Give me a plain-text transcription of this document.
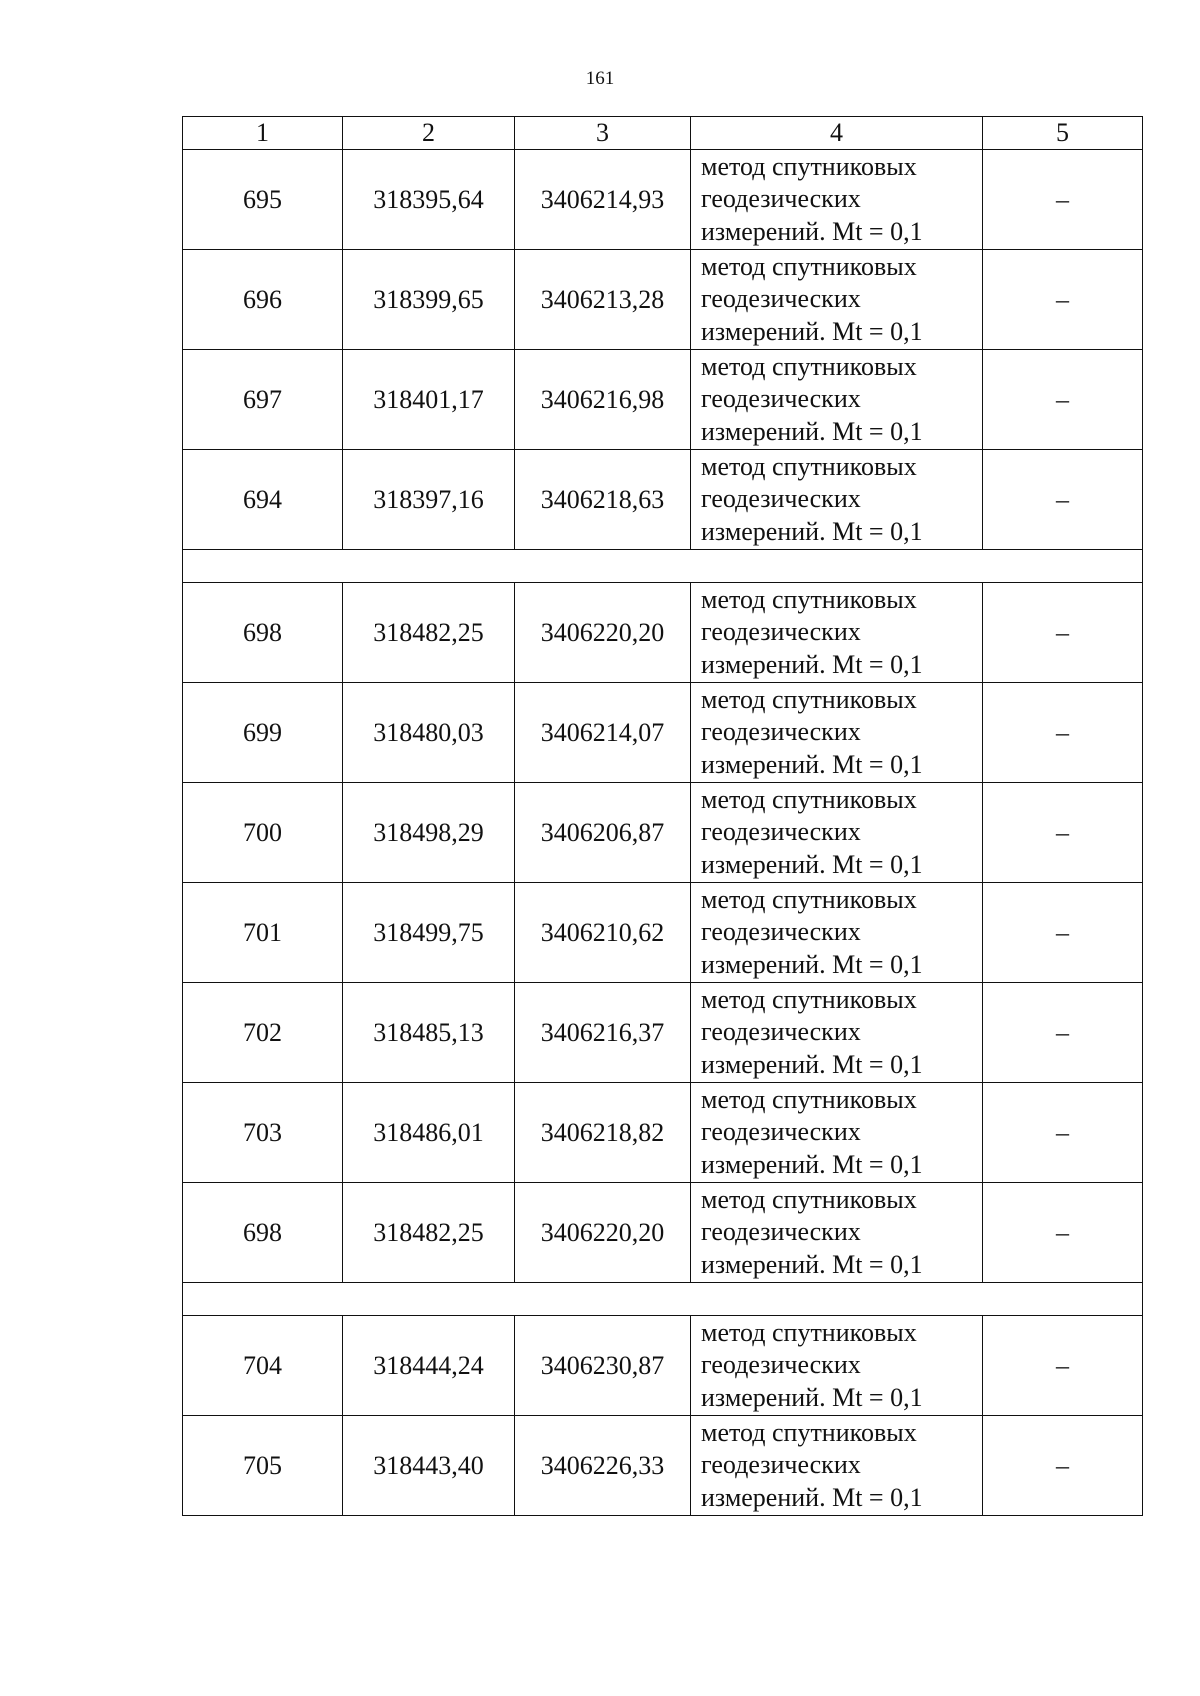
161
1	2	3	4	5
695	318395,64	3406214,93	метод спутниковых
геодезических
измерений. Mt = 0,1	–
696	318399,65	3406213,28	метод спутниковых
геодезических
измерений. Mt = 0,1	–
697	318401,17	3406216,98	метод спутниковых
геодезических
измерений. Mt = 0,1	–
694	318397,16	3406218,63	метод спутниковых
геодезических
измерений. Mt = 0,1	–

698	318482,25	3406220,20	метод спутниковых
геодезических
измерений. Mt = 0,1	–
699	318480,03	3406214,07	метод спутниковых
геодезических
измерений. Mt = 0,1	–
700	318498,29	3406206,87	метод спутниковых
геодезических
измерений. Mt = 0,1	–
701	318499,75	3406210,62	метод спутниковых
геодезических
измерений. Mt = 0,1	–
702	318485,13	3406216,37	метод спутниковых
геодезических
измерений. Mt = 0,1	–
703	318486,01	3406218,82	метод спутниковых
геодезических
измерений. Mt = 0,1	–
698	318482,25	3406220,20	метод спутниковых
геодезических
измерений. Mt = 0,1	–

704	318444,24	3406230,87	метод спутниковых
геодезических
измерений. Mt = 0,1	–
705	318443,40	3406226,33	метод спутниковых
геодезических
измерений. Mt = 0,1	–
